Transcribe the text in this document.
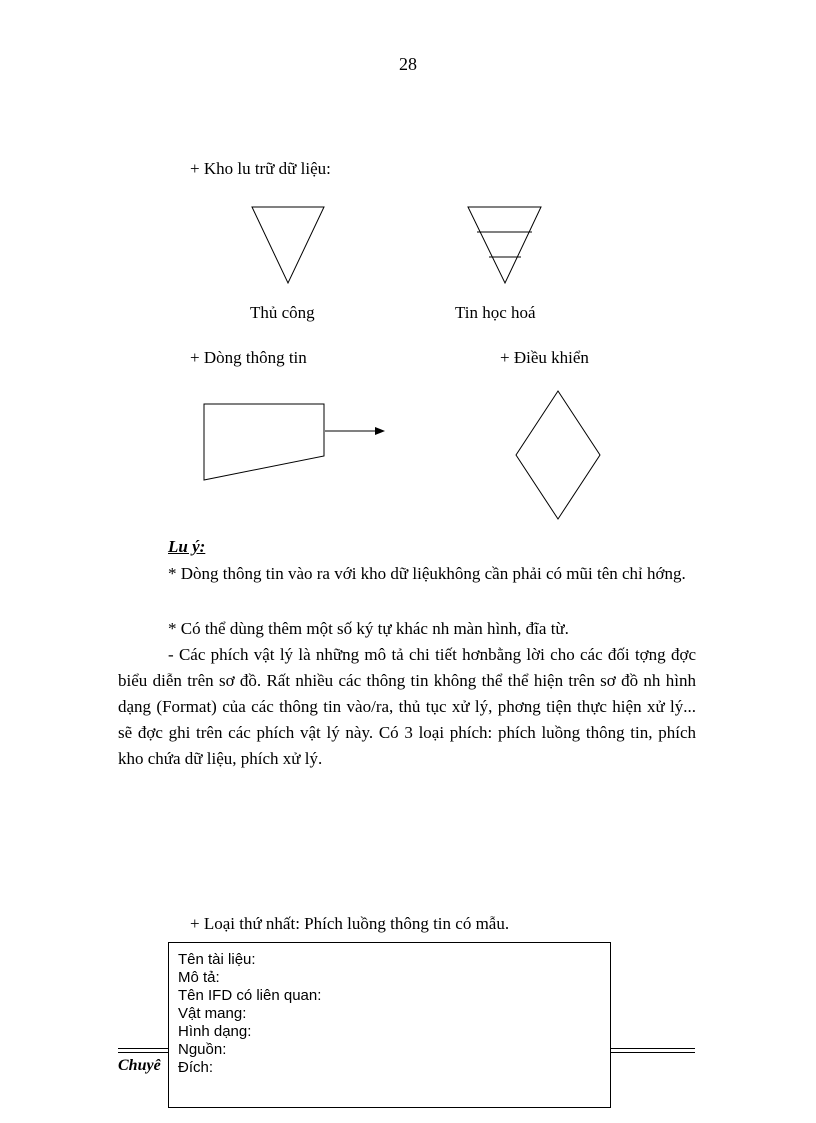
28
+ Kho lu trữ dữ liệu:
Thủ công	Tin học hoá
+ Dòng thông tin	+ Điều khiển
Lu ý:
* Dòng thông tin vào ra với kho dữ liệukhông cần phải có mũi tên chỉ hớng.
* Có thể dùng thêm một số ký tự khác nh màn hình, đĩa từ.
- Các phích vật lý là những mô tả chi tiết hơnbằng lời cho các đối tợng đợc biểu diễn trên sơ đồ. Rất nhiều các thông tin không thể thể hiện trên sơ đồ nh hình dạng (Format) của các thông tin vào/ra, thủ tục xử lý, phơng tiện thực hiện xử lý... sẽ đợc ghi trên các phích vật lý này. Có 3 loại phích: phích luồng thông tin, phích kho chứa dữ liệu, phích xử lý.
+ Loại thứ nhất: Phích luồng thông tin có mẫu.
Chuyê
Tên tài liệu:
Mô tả:
Tên IFD có liên quan:
Vật mang:
Hình dạng:
Nguồn:
Đích:
